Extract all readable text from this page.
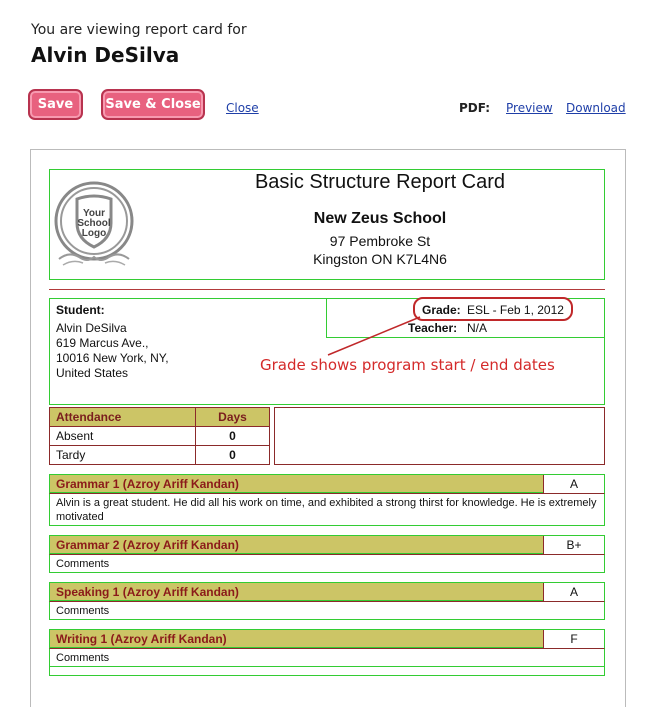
You are viewing report card for
Alvin DeSilva
Save	Save & Close	Close	PDF: Preview Download
Your
School
Logo
Basic Structure Report Card
New Zeus School
97 Pembroke St
Kingston ON K7L4N6
Student:
Alvin DeSilva
619 Marcus Ave.,
10016 New York, NY,
United States
Grade: ESL - Feb 1, 2012
Teacher: N/A
Grade shows program start / end dates
Attendance	Days
Absent	0
Tardy	0
Grammar 1 (Azroy Ariff Kandan)	A
Alvin is a great student. He did all his work on time, and exhibited a strong thirst for knowledge. He is extremely motivated
Grammar 2 (Azroy Ariff Kandan)	B+
Comments
Speaking 1 (Azroy Ariff Kandan)	A
Comments
Writing 1 (Azroy Ariff Kandan)	F
Comments
